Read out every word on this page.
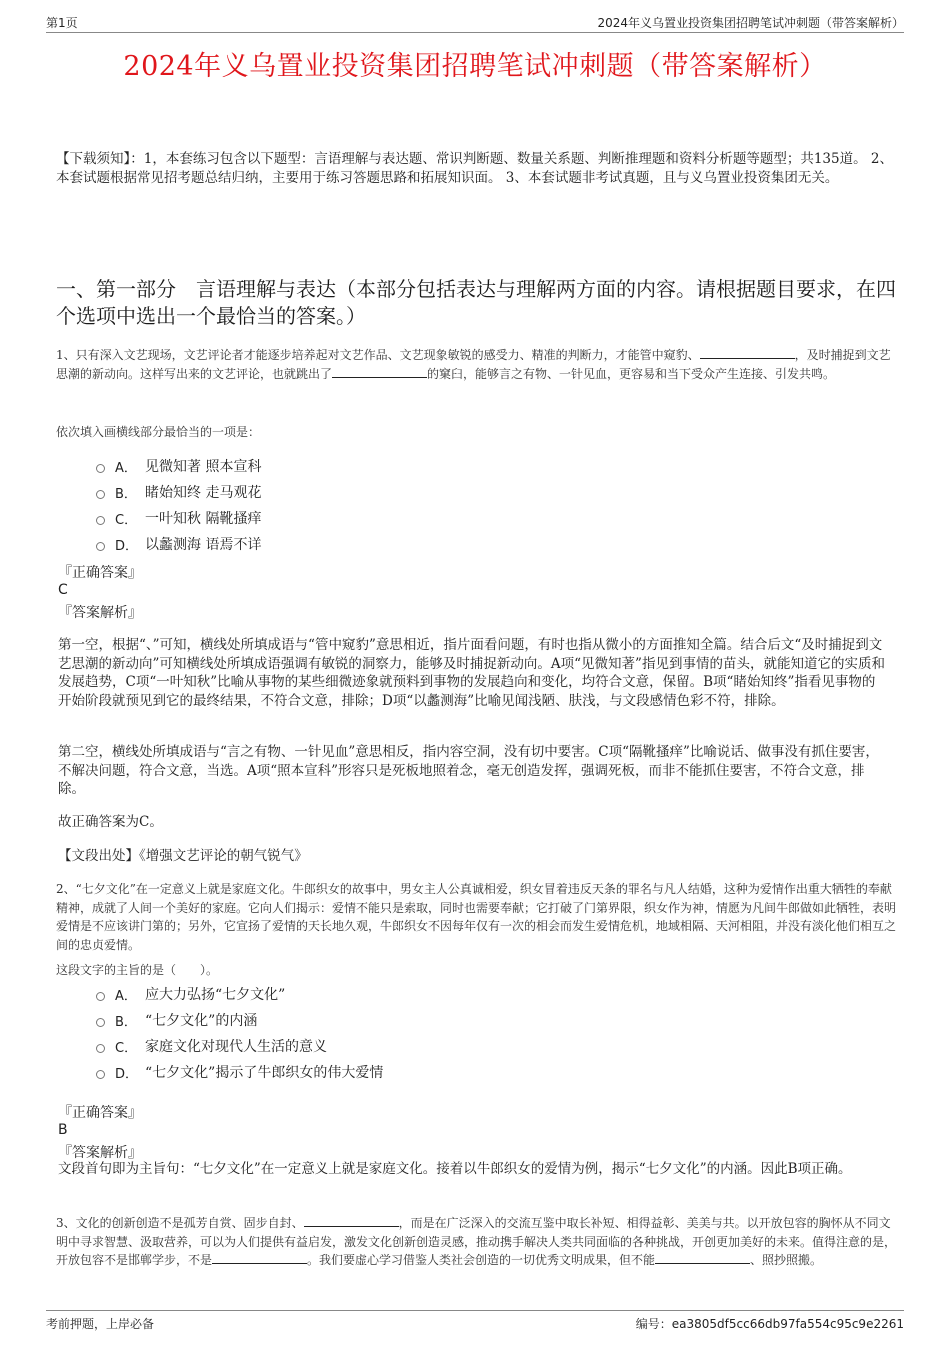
第1页	2024年义乌置业投资集团招聘笔试冲刺题（带答案解析）
2024年义乌置业投资集团招聘笔试冲刺题（带答案解析）
【下载须知】：1，本套练习包含以下题型：言语理解与表达题、常识判断题、数量关系题、判断推理题和资料分析题等题型；共135道。 2、本套试题根据常见招考题总结归纳，主要用于练习答题思路和拓展知识面。 3、本套试题非考试真题，且与义乌置业投资集团无关。
一、第一部分　言语理解与表达（本部分包括表达与理解两方面的内容。请根据题目要求，在四个选项中选出一个最恰当的答案。）
1、只有深入文艺现场，文艺评论者才能逐步培养起对文艺作品、文艺现象敏锐的感受力、精准的判断力，才能管中窥豹、	，及时捕捉到文艺思潮的新动向。这样写出来的文艺评论，也就跳出了	的窠臼，能够言之有物、一针见血，更容易和当下受众产生连接、引发共鸣。
依次填入画横线部分最恰当的一项是：
A． 见微知著 照本宣科
B． 睹始知终 走马观花
C． 一叶知秋 隔靴搔痒
D． 以蠡测海 语焉不详
『正确答案』
C
『答案解析』
第一空，根据“、”可知，横线处所填成语与“管中窥豹”意思相近，指片面看问题，有时也指从微小的方面推知全篇。结合后文“及时捕捉到文艺思潮的新动向”可知横线处所填成语强调有敏锐的洞察力，能够及时捕捉新动向。A项“见微知著”指见到事情的苗头，就能知道它的实质和发展趋势，C项“一叶知秋”比喻从事物的某些细微迹象就预料到事物的发展趋向和变化，均符合文意，保留。B项“睹始知终”指看见事物的开始阶段就预见到它的最终结果，不符合文意，排除；D项“以蠡测海”比喻见闻浅陋、肤浅，与文段感情色彩不符，排除。
第二空，横线处所填成语与“言之有物、一针见血”意思相反，指内容空洞，没有切中要害。C项“隔靴搔痒”比喻说话、做事没有抓住要害，不解决问题，符合文意，当选。A项“照本宣科”形容只是死板地照着念，毫无创造发挥，强调死板，而非不能抓住要害，不符合文意，排除。
故正确答案为C。
【文段出处】《增强文艺评论的朝气锐气》
2、“七夕文化”在一定意义上就是家庭文化。牛郎织女的故事中，男女主人公真诚相爱，织女冒着违反天条的罪名与凡人结婚，这种为爱情作出重大牺牲的奉献精神，成就了人间一个美好的家庭。它向人们揭示：爱情不能只是索取，同时也需要奉献；它打破了门第界限，织女作为神，情愿为凡间牛郎做如此牺牲，表明爱情是不应该讲门第的；另外，它宣扬了爱情的天长地久观，牛郎织女不因每年仅有一次的相会而发生爱情危机，地域相隔、天河相阻，并没有淡化他们相互之间的忠贞爱情。
这段文字的主旨的是（　　）。
A． 应大力弘扬“七夕文化”
B． “七夕文化”的内涵
C． 家庭文化对现代人生活的意义
D． “七夕文化”揭示了牛郎织女的伟大爱情
『正确答案』
B
『答案解析』
文段首句即为主旨句：“七夕文化”在一定意义上就是家庭文化。接着以牛郎织女的爱情为例，揭示“七夕文化”的内涵。因此B项正确。
3、文化的创新创造不是孤芳自赏、固步自封、	，而是在广泛深入的交流互鉴中取长补短、相得益彰、美美与共。以开放包容的胸怀从不同文明中寻求智慧、汲取营养，可以为人们提供有益启发，激发文化创新创造灵感，推动携手解决人类共同面临的各种挑战，开创更加美好的未来。值得注意的是，开放包容不是邯郸学步，不是	。我们要虚心学习借鉴人类社会创造的一切优秀文明成果，但不能	、照抄照搬。
考前押题，上岸必备	编号：ea3805df5cc66db97fa554c95c9e2261
